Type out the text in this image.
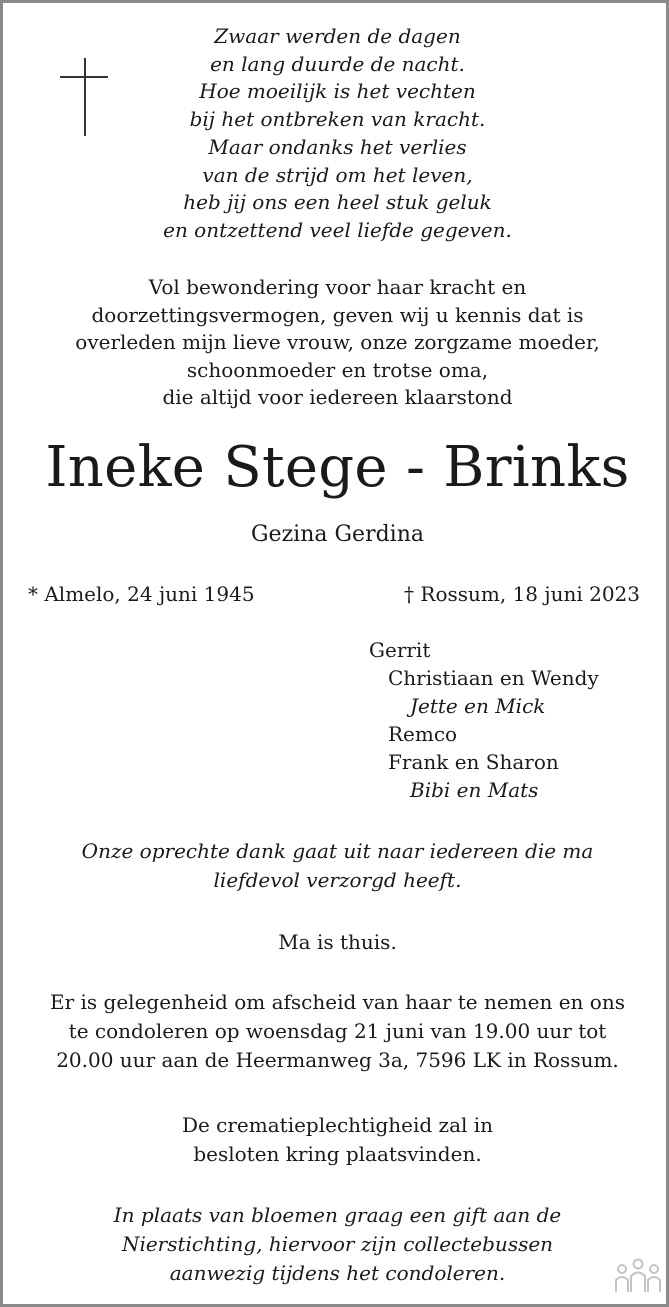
Zwaar werden de dagen
en lang duurde de nacht.
Hoe moeilijk is het vechten
bij het ontbreken van kracht.
Maar ondanks het verlies
van de strijd om het leven,
heb jij ons een heel stuk geluk
en ontzettend veel liefde gegeven.
Vol bewondering voor haar kracht en
doorzettingsvermogen, geven wij u kennis dat is
overleden mijn lieve vrouw, onze zorgzame moeder,
schoonmoeder en trotse oma,
die altijd voor iedereen klaarstond
Ineke Stege - Brinks
Gezina Gerdina
* Almelo, 24 juni 1945	† Rossum, 18 juni 2023
Gerrit
Christiaan en Wendy
Jette en Mick
Remco
Frank en Sharon
Bibi en Mats
Onze oprechte dank gaat uit naar iedereen die ma
liefdevol verzorgd heeft.
Ma is thuis.
Er is gelegenheid om afscheid van haar te nemen en ons
te condoleren op woensdag 21 juni van 19.00 uur tot
20.00 uur aan de Heermanweg 3a, 7596 LK in Rossum.
De crematieplechtigheid zal in
besloten kring plaatsvinden.
In plaats van bloemen graag een gift aan de
Nierstichting, hiervoor zijn collectebussen
aanwezig tijdens het condoleren.
